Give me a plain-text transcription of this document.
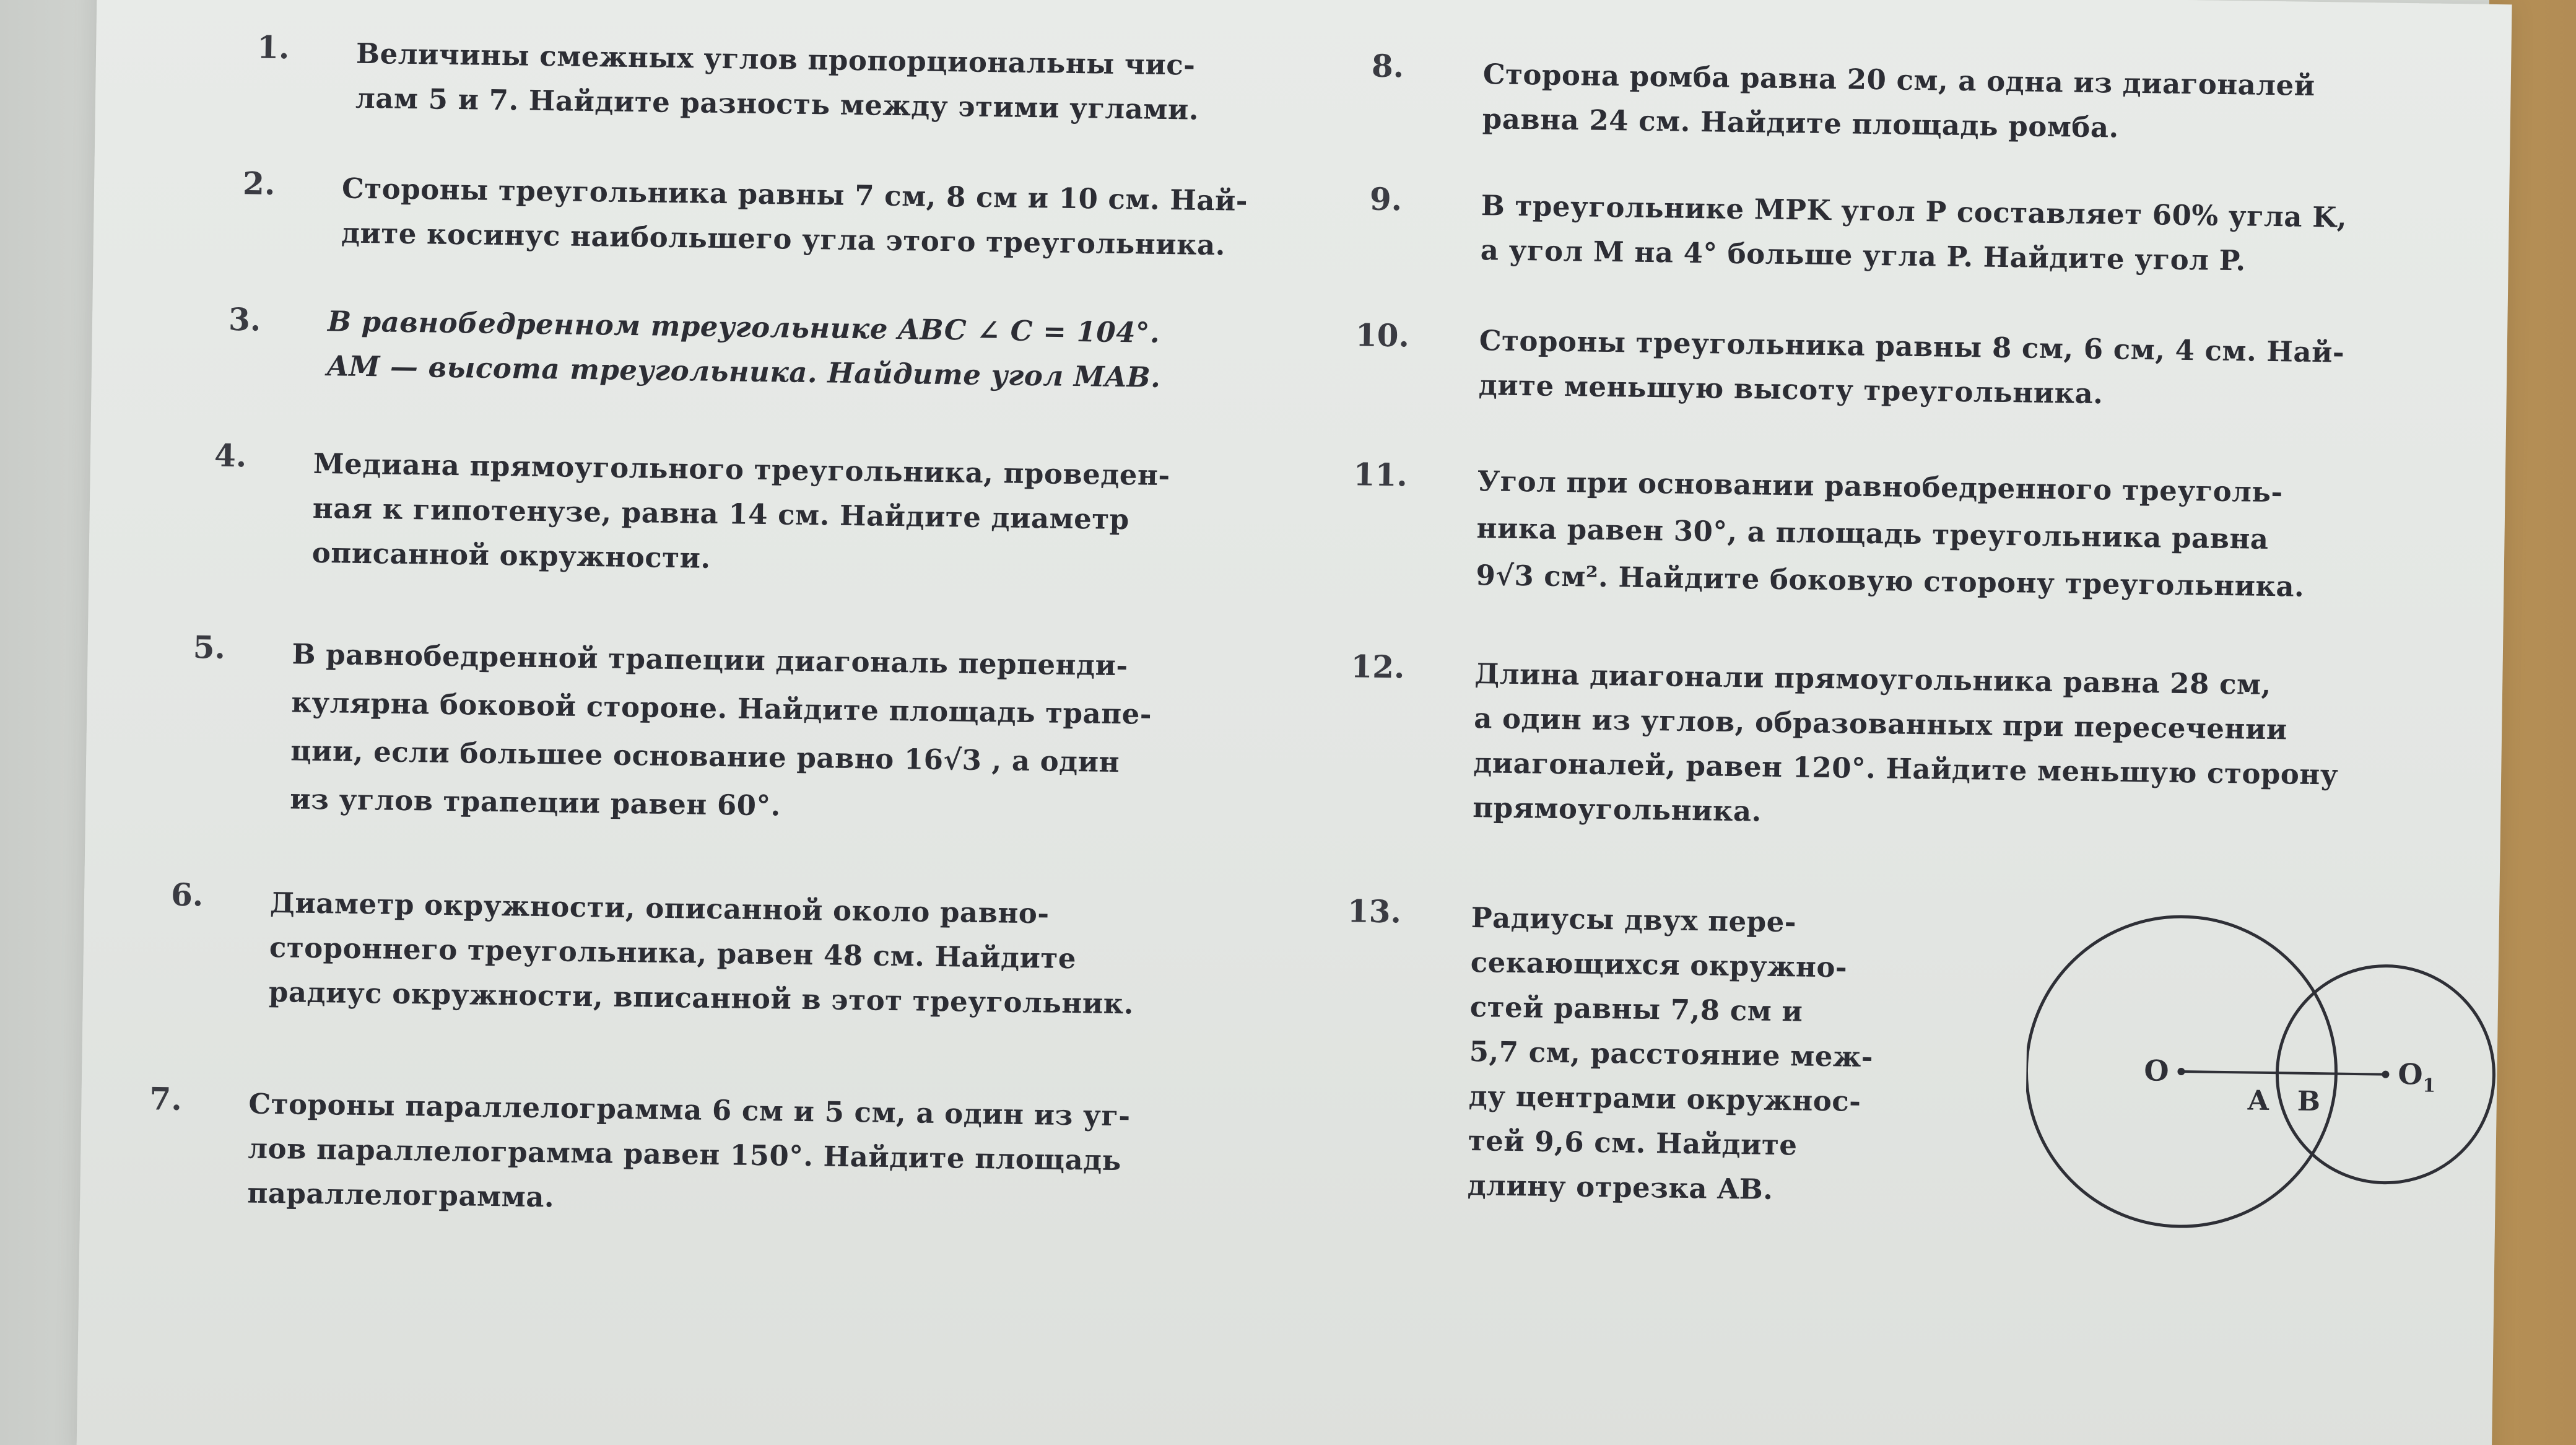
1. Величины смежных углов пропорциональны чис-
лам 5 и 7. Найдите разность между этими углами.
2. Стороны треугольника равны 7 см, 8 см и 10 см. Най-
дите косинус наибольшего угла этого треугольника.
3. В равнобедренном треугольнике ABC ∠ C = 104°.
AM — высота треугольника. Найдите угол MAB.
4. Медиана прямоугольного треугольника, проведен-
ная к гипотенузе, равна 14 см. Найдите диаметр
описанной окружности.
5. В равнобедренной трапеции диагональ перпенди-
кулярна боковой стороне. Найдите площадь трапе-
ции, если большее основание равно 16√3 , а один
из углов трапеции равен 60°.
6. Диаметр окружности, описанной около равно-
стороннего треугольника, равен 48 см. Найдите
радиус окружности, вписанной в этот треугольник.
7. Стороны параллелограмма 6 см и 5 см, а один из уг-
лов параллелограмма равен 150°. Найдите площадь
параллелограмма.
8.	Сторона ромба равна 20 см, а одна из диагоналей
равна 24 см. Найдите площадь ромба.
9.	В треугольнике MPK угол P составляет 60% угла K,
а угол M на 4° больше угла P. Найдите угол P.
10. Стороны треугольника равны 8 см, 6 см, 4 см. Най-
дите меньшую высоту треугольника.
11. Угол при основании равнобедренного треуголь-
ника равен 30°, а площадь треугольника равна
9√3 см². Найдите боковую сторону треугольника.
12. Длина диагонали прямоугольника равна 28 см,
а один из углов, образованных при пересечении
диагоналей, равен 120°. Найдите меньшую сторону
прямоугольника.
13. Радиусы двух пере-
секающихся окружно-
стей равны 7,8 см и
5,7 см, расстояние меж-
ду центрами окружнос-
тей 9,6 см. Найдите
длину отрезка AB.
O
A B
$O_1$
